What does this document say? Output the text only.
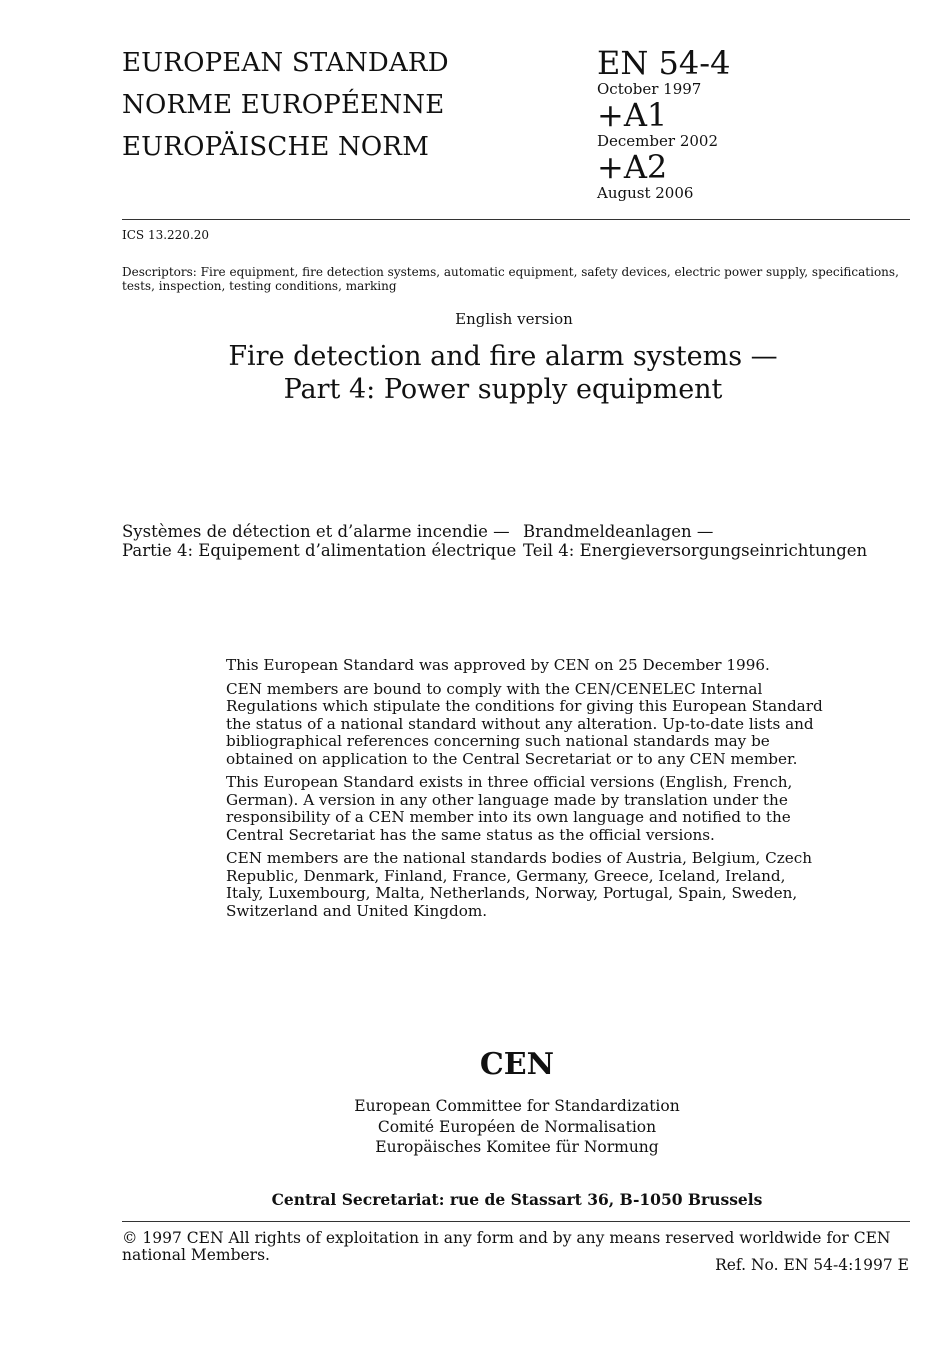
EUROPEAN STANDARD
NORME EUROPÉENNE
EUROPÄISCHE NORM
EN 54-4
October 1997
+A1
December 2002
+A2
August 2006
ICS 13.220.20
Descriptors: Fire equipment, fire detection systems, automatic equipment, safety devices, electric power supply, specifications, tests, inspection, testing conditions, marking
English version
Fire detection and fire alarm systems —
Part 4: Power supply equipment
Systèmes de détection et d’alarme incendie —
Partie 4: Equipement d’alimentation électrique
Brandmeldeanlagen —
Teil 4: Energieversorgungseinrichtungen

This European Standard was approved by CEN on 25 December 1996.

CEN members are bound to comply with the CEN/CENELEC Internal Regulations which stipulate the conditions for giving this European Standard the status of a national standard without any alteration. Up-to-date lists and bibliographical references concerning such national standards may be obtained on application to the Central Secretariat or to any CEN member.

This European Standard exists in three official versions (English, French, German). A version in any other language made by translation under the responsibility of a CEN member into its own language and notified to the Central Secretariat has the same status as the official versions.

CEN members are the national standards bodies of Austria, Belgium, Czech Republic, Denmark, Finland, France, Germany, Greece, Iceland, Ireland, Italy, Luxembourg, Malta, Netherlands, Norway, Portugal, Spain, Sweden, Switzerland and United Kingdom.

CEN
European Committee for Standardization
Comité Européen de Normalisation
Europäisches Komitee für Normung
Central Secretariat: rue de Stassart 36, B-1050 Brussels
© 1997 CEN All rights of exploitation in any form and by any means reserved worldwide for CEN national Members.
Ref. No. EN 54-4:1997 E
